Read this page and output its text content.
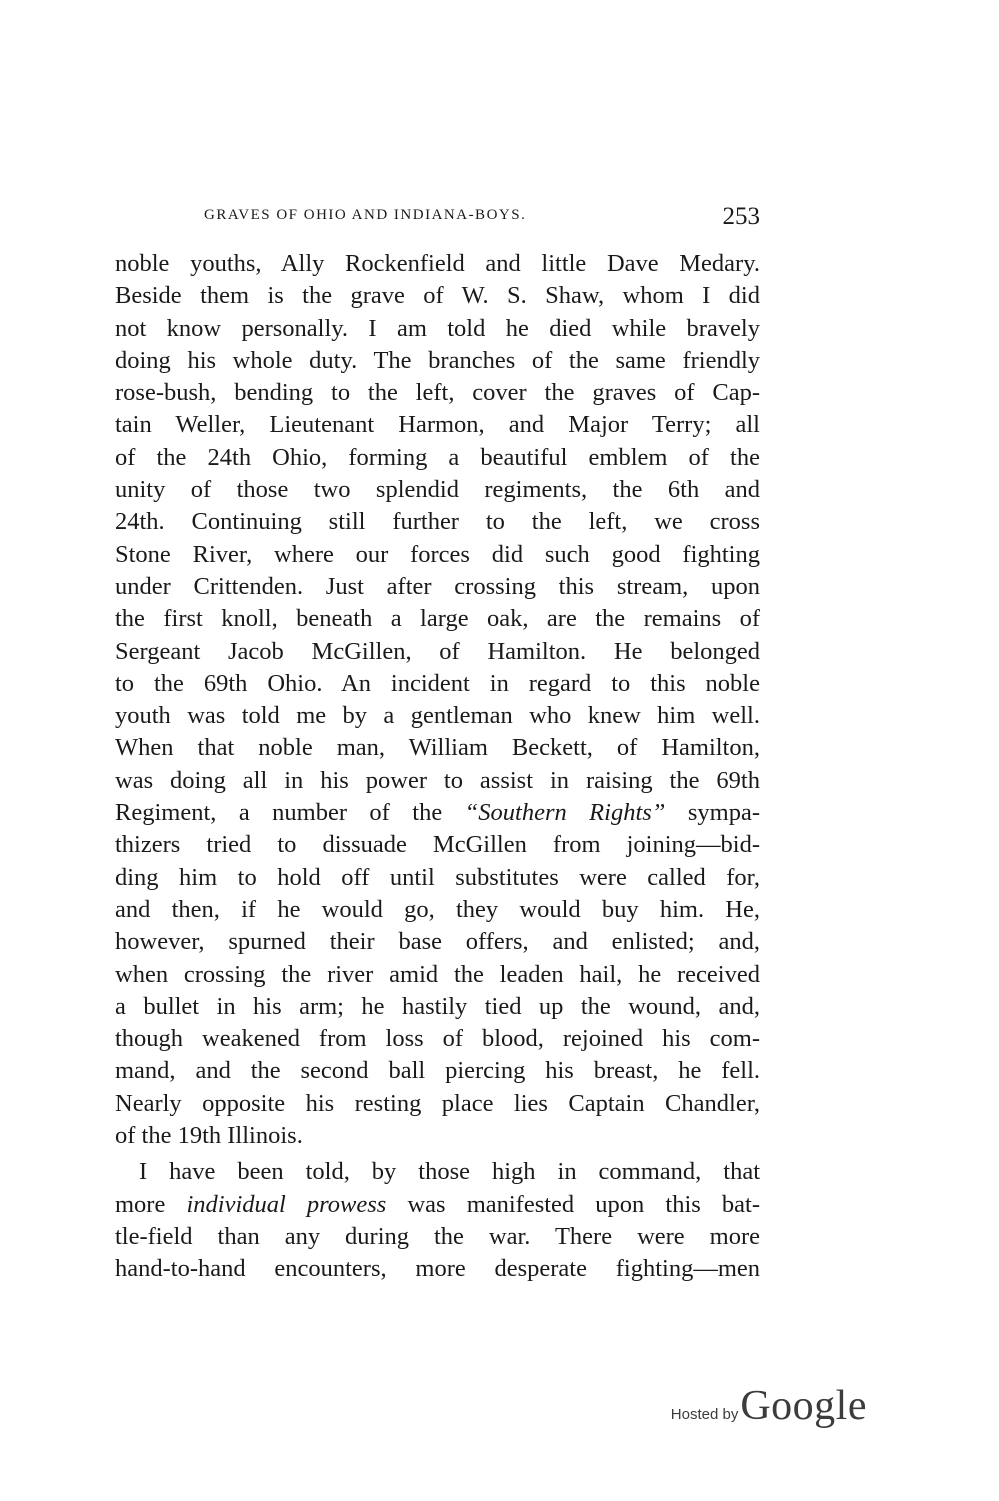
GRAVES OF OHIO AND INDIANA-BOYS.	253
noble youths, Ally Rockenfield and little Dave Medary.
Beside them is the grave of W. S. Shaw, whom I did
not know personally. I am told he died while bravely
doing his whole duty. The branches of the same friendly
rose-bush, bending to the left, cover the graves of Cap-
tain Weller, Lieutenant Harmon, and Major Terry; all
of the 24th Ohio, forming a beautiful emblem of the
unity of those two splendid regiments, the 6th and
24th. Continuing still further to the left, we cross
Stone River, where our forces did such good fighting
under Crittenden. Just after crossing this stream, upon
the first knoll, beneath a large oak, are the remains of
Sergeant Jacob McGillen, of Hamilton. He belonged
to the 69th Ohio. An incident in regard to this noble
youth was told me by a gentleman who knew him well.
When that noble man, William Beckett, of Hamilton,
was doing all in his power to assist in raising the 69th
Regiment, a number of the “Southern Rights” sympa-
thizers tried to dissuade McGillen from joining—bid-
ding him to hold off until substitutes were called for,
and then, if he would go, they would buy him. He,
however, spurned their base offers, and enlisted; and,
when crossing the river amid the leaden hail, he received
a bullet in his arm; he hastily tied up the wound, and,
though weakened from loss of blood, rejoined his com-
mand, and the second ball piercing his breast, he fell.
Nearly opposite his resting place lies Captain Chandler,
of the 19th Illinois.
I have been told, by those high in command, that
more individual prowess was manifested upon this bat-
tle-field than any during the war. There were more
hand-to-hand encounters, more desperate fighting—men
Hosted by Google
